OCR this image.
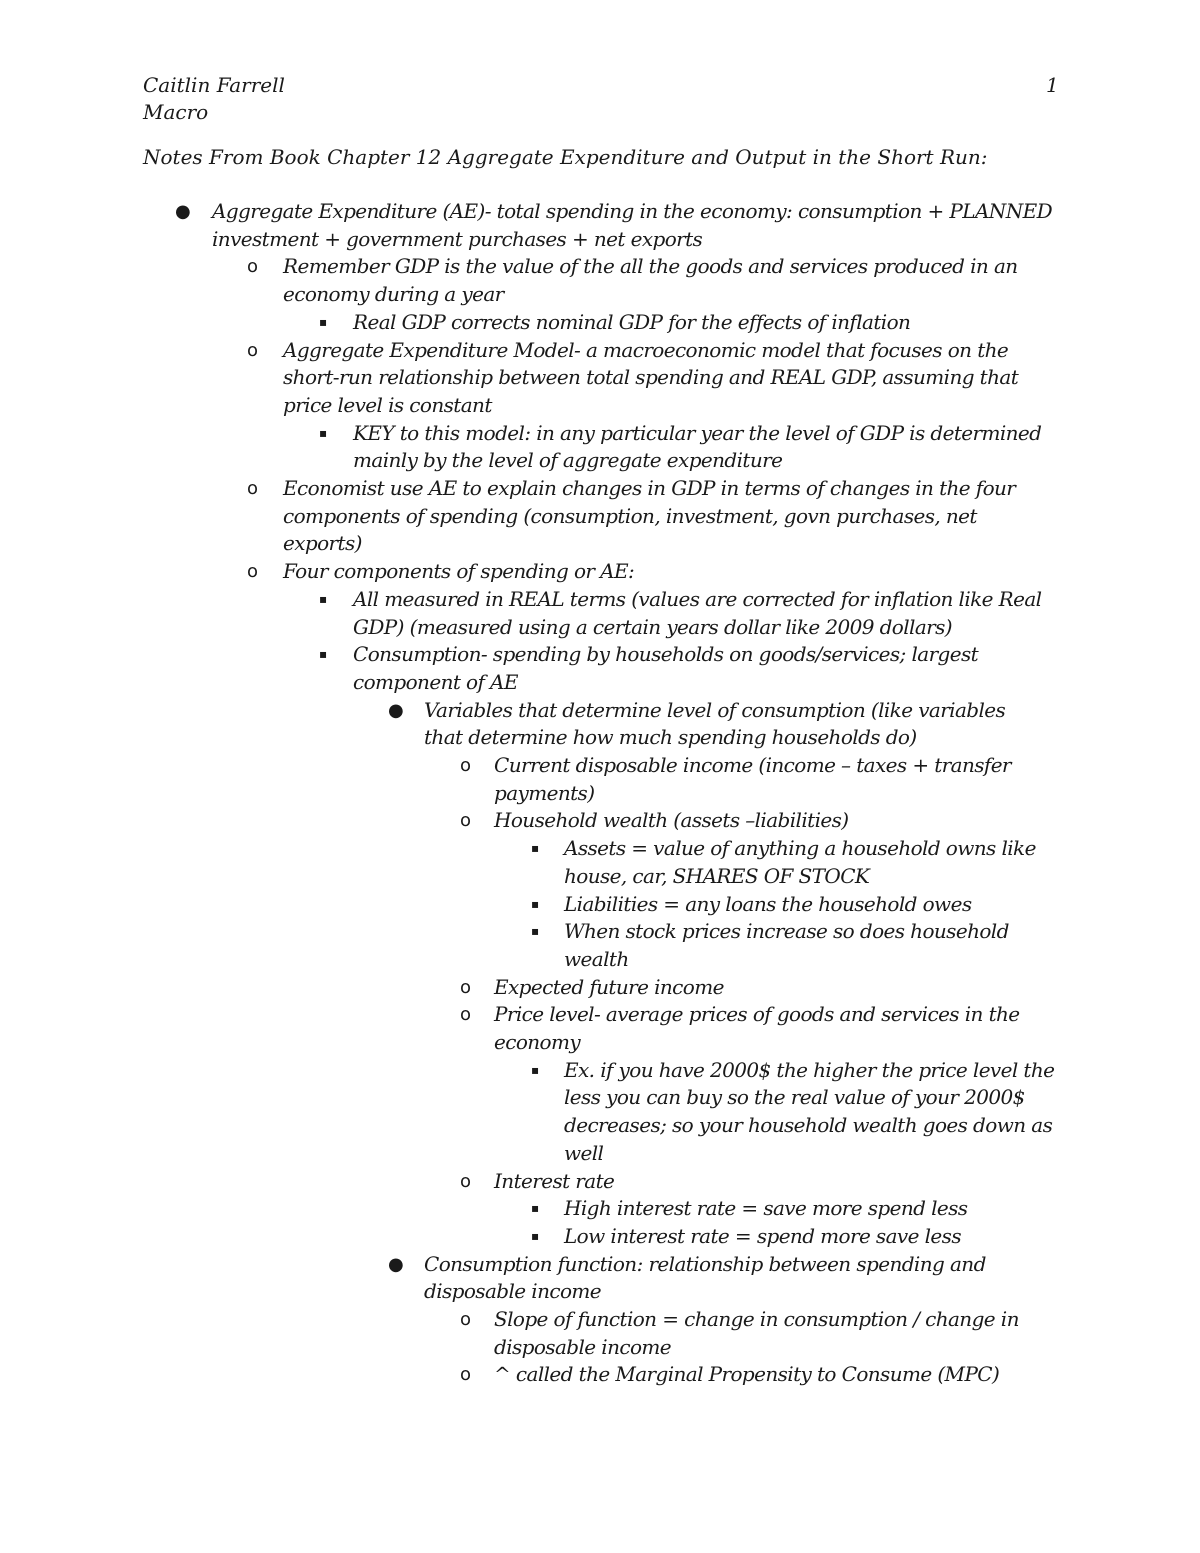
Caitlin Farrell
Macro
1
Notes From Book Chapter 12 Aggregate Expenditure and Output in the Short Run:
● Aggregate Expenditure (AE)- total spending in the economy: consumption + PLANNED
investment + government purchases + net exports
o Remember GDP is the value of the all the goods and services produced in an
economy during a year
▪ Real GDP corrects nominal GDP for the effects of inflation
o Aggregate Expenditure Model- a macroeconomic model that focuses on the
short-run relationship between total spending and REAL GDP, assuming that
price level is constant
▪ KEY to this model: in any particular year the level of GDP is determined
mainly by the level of aggregate expenditure
o Economist use AE to explain changes in GDP in terms of changes in the four
components of spending (consumption, investment, govn purchases, net
exports)
o Four components of spending or AE:
▪ All measured in REAL terms (values are corrected for inflation like Real
GDP) (measured using a certain years dollar like 2009 dollars)
▪ Consumption- spending by households on goods/services; largest
component of AE
● Variables that determine level of consumption (like variables
that determine how much spending households do)
o Current disposable income (income – taxes + transfer
payments)
o Household wealth (assets –liabilities)
▪ Assets = value of anything a household owns like
house, car, SHARES OF STOCK
▪ Liabilities = any loans the household owes
▪ When stock prices increase so does household
wealth
o Expected future income
o Price level- average prices of goods and services in the
economy
▪ Ex. if you have 2000$ the higher the price level the
less you can buy so the real value of your 2000$
decreases; so your household wealth goes down as
well
o Interest rate
▪ High interest rate = save more spend less
▪ Low interest rate = spend more save less
● Consumption function: relationship between spending and
disposable income
o Slope of function = change in consumption / change in
disposable income
o ^ called the Marginal Propensity to Consume (MPC)
